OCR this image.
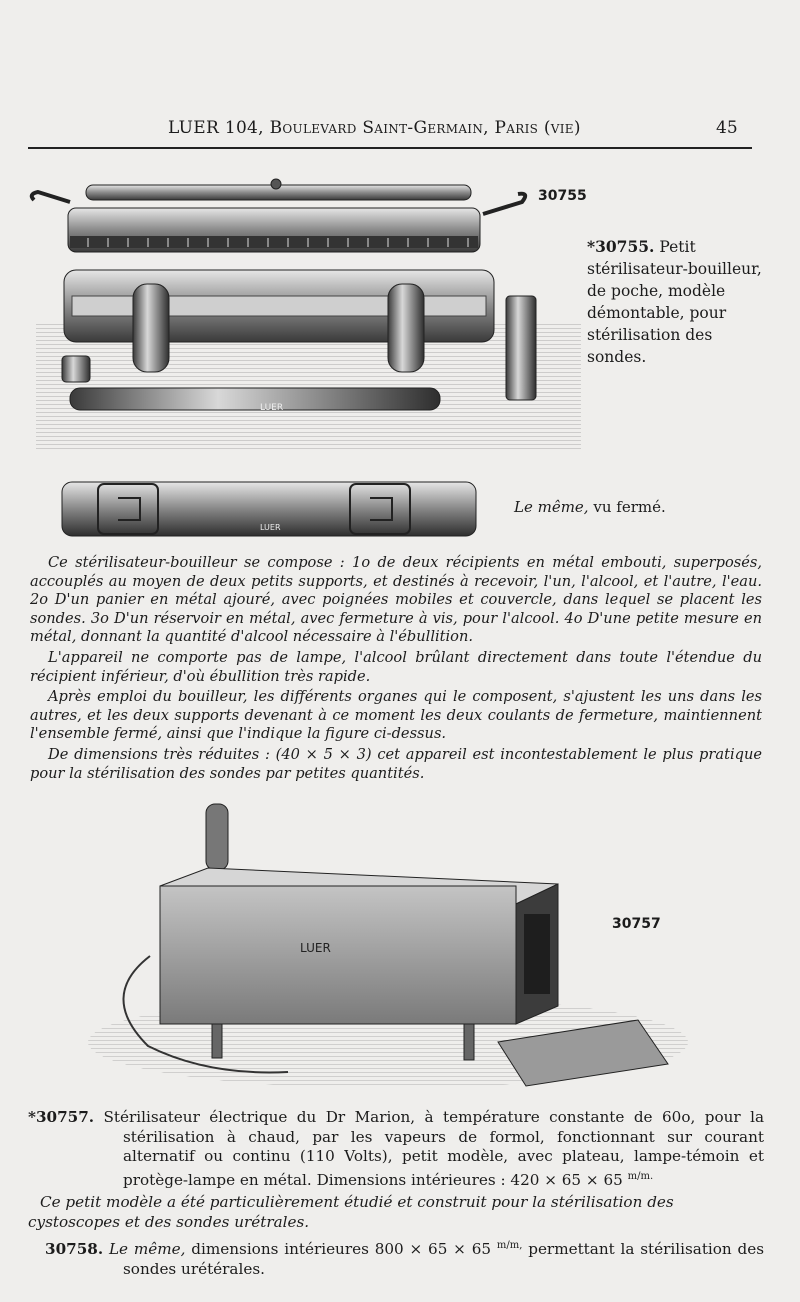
LUER 104, Boulevard Saint-Germain, Paris (vie)	45
LUER
30755
*30755. Petit stérilisateur-bouilleur, de poche, modèle démontable, pour stérilisation des sondes.
LUER
Le même, vu fermé.

Ce stérilisateur-bouilleur se compose : 1o de deux récipients en métal embouti, superposés, accouplés au moyen de deux petits supports, et destinés à recevoir, l'un, l'alcool, et l'autre, l'eau. 2o D'un panier en métal ajouré, avec poignées mobiles et couvercle, dans lequel se placent les sondes. 3o D'un réservoir en métal, avec fermeture à vis, pour l'alcool. 4o D'une petite mesure en métal, donnant la quantité d'alcool nécessaire à l'ébullition.

L'appareil ne comporte pas de lampe, l'alcool brûlant directement dans toute l'étendue du récipient inférieur, d'où ébullition très rapide.

Après emploi du bouilleur, les différents organes qui le composent, s'ajustent les uns dans les autres, et les deux supports devenant à ce moment les deux coulants de fermeture, maintiennent l'ensemble fermé, ainsi que l'indique la figure ci-dessus.

De dimensions très réduites : (40 × 5 × 3) cet appareil est incontestablement le plus pratique pour la stérilisation des sondes par petites quantités.

LUER
30757
*30757. Stérilisateur électrique du Dr Marion, à température constante de 60o, pour la stérilisation à chaud, par les vapeurs de formol, fonctionnant sur courant alternatif ou continu (110 Volts), petit modèle, avec plateau, lampe-témoin et protège-lampe en métal. Dimensions intérieures : 420 × 65 × 65 $^{m/m.}$
Ce petit modèle a été particulièrement étudié et construit pour la stérilisation des cystoscopes et des sondes urétrales.
30758. Le même, dimensions intérieures 800 × 65 × 65 $^{m/m,}$ permettant la stérilisation des sondes urétérales.
